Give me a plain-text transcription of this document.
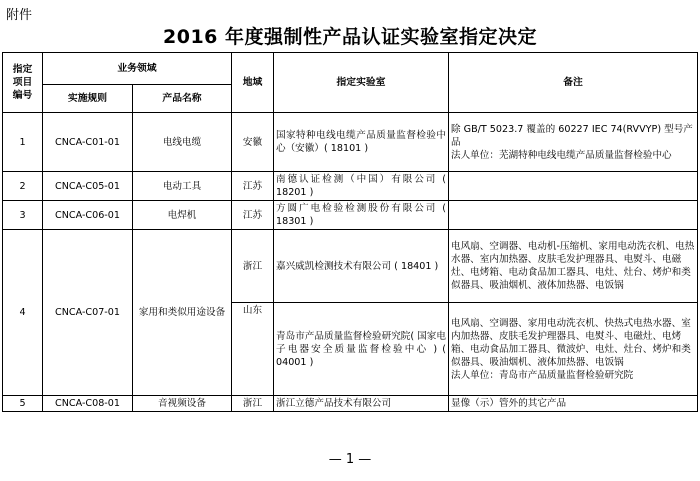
附件
2016 年度强制性产品认证实验室指定决定
指定
项目
编号	业务领域		地域	指定实验室	备注
	实施规则	产品名称			
1	CNCA-C01-01	电线电缆	安徽	国家特种电线电缆产品质量监督检验中心（安徽）( 18101 )	除 GB/T 5023.7 覆盖的 60227 IEC 74(RVVYP) 型号产品
法人单位：芜湖特种电线电缆产品质量监督检验中心

2	CNCA-C05-01	电动工具	江苏	南德认证检测（中国）有限公司 ( 18201 )	
3	CNCA-C06-01	电焊机	江苏	方圆广电检验检测股份有限公司 ( 18301 )	
4	CNCA-C07-01	家用和类似用途设备	浙江	嘉兴威凯检测技术有限公司 ( 18401 )	电风扇、空调器、电动机-压缩机、家用电动洗衣机、电热水器、室内加热器、皮肤毛发护理器具、电熨斗、电磁灶、电烤箱、电动食品加工器具、电灶、灶台、烤炉和类似器具、吸油烟机、液体加热器、电饭锅

			山东	青岛市产品质量监督检验研究院( 国家电子电器安全质量监督检验中心 ) ( 04001 )	电风扇、空调器、家用电动洗衣机、快热式电热水器、室内加热器、皮肤毛发护理器具、电熨斗、电磁灶、电烤箱、电动食品加工器具、微波炉、电灶、灶台、烤炉和类似器具、吸油烟机、液体加热器、电饭锅
法人单位：青岛市产品质量监督检验研究院

5	CNCA-C08-01	音视频设备	浙江	浙江立德产品技术有限公司	显像（示）管外的其它产品
— 1 —
